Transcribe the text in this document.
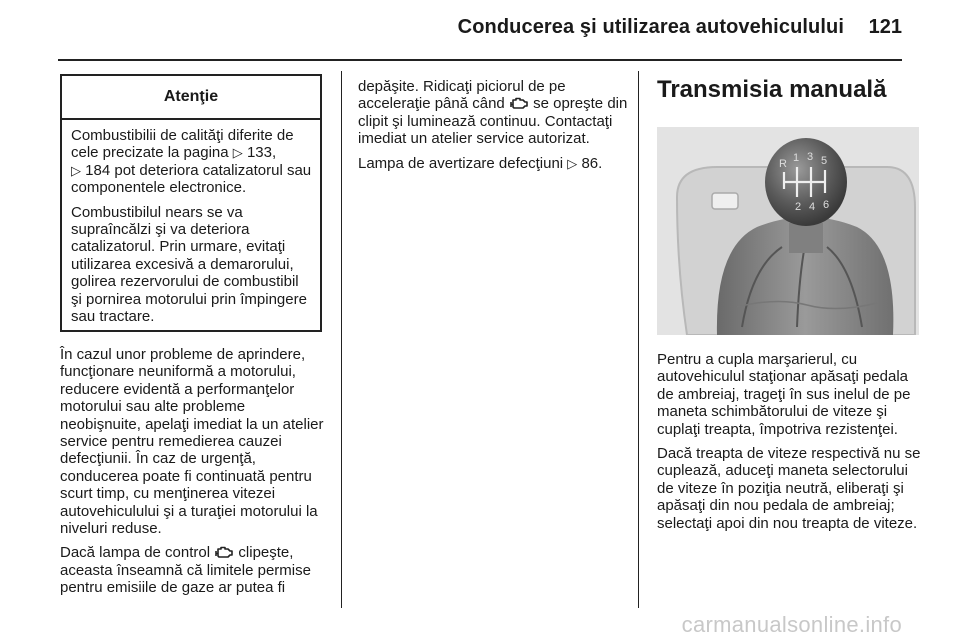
Conducerea şi utilizarea autovehiculului 121
Atenţie

Combustibilii de calităţi diferite de cele precizate la pagina ▷ 133,
▷ 184 pot deteriora catalizatorul sau componentele electronice.

Combustibilul nears se va supraîncălzi şi va deteriora catalizatorul. Prin urmare, evitaţi utilizarea excesivă a demarorului, golirea rezervorului de combustibil şi pornirea motorului prin împingere sau tractare.

În cazul unor probleme de aprindere, funcţionare neuniformă a motorului, reducere evidentă a performanţelor motorului sau alte probleme neobişnuite, apelaţi imediat la un atelier service pentru remedierea cauzei defecţiunii. În caz de urgenţă, conducerea poate fi continuată pentru scurt timp, cu menţinerea vitezei autovehiculului şi a turaţiei motorului la niveluri reduse.

Dacă lampa de control  clipeşte, aceasta înseamnă că limitele permise pentru emisiile de gaze ar putea fi

depăşite. Ridicaţi piciorul de pe acceleraţie până când  se opreşte din clipit şi luminează continuu. Contactaţi imediat un atelier service autorizat.

Lampa de avertizare defecţiuni ▷ 86.

Transmisia manuală
R 1 3 5
2 4 6

Pentru a cupla marşarierul, cu autovehiculul staţionar apăsaţi pedala de ambreiaj, trageţi în sus inelul de pe maneta schimbătorului de viteze şi cuplaţi treapta, împotriva rezistenţei.

Dacă treapta de viteze respectivă nu se cuplează, aduceţi maneta selectorului de viteze în poziţia neutră, eliberaţi şi apăsaţi din nou pedala de ambreiaj; selectaţi apoi din nou treapta de viteze.

carmanualsonline.info
